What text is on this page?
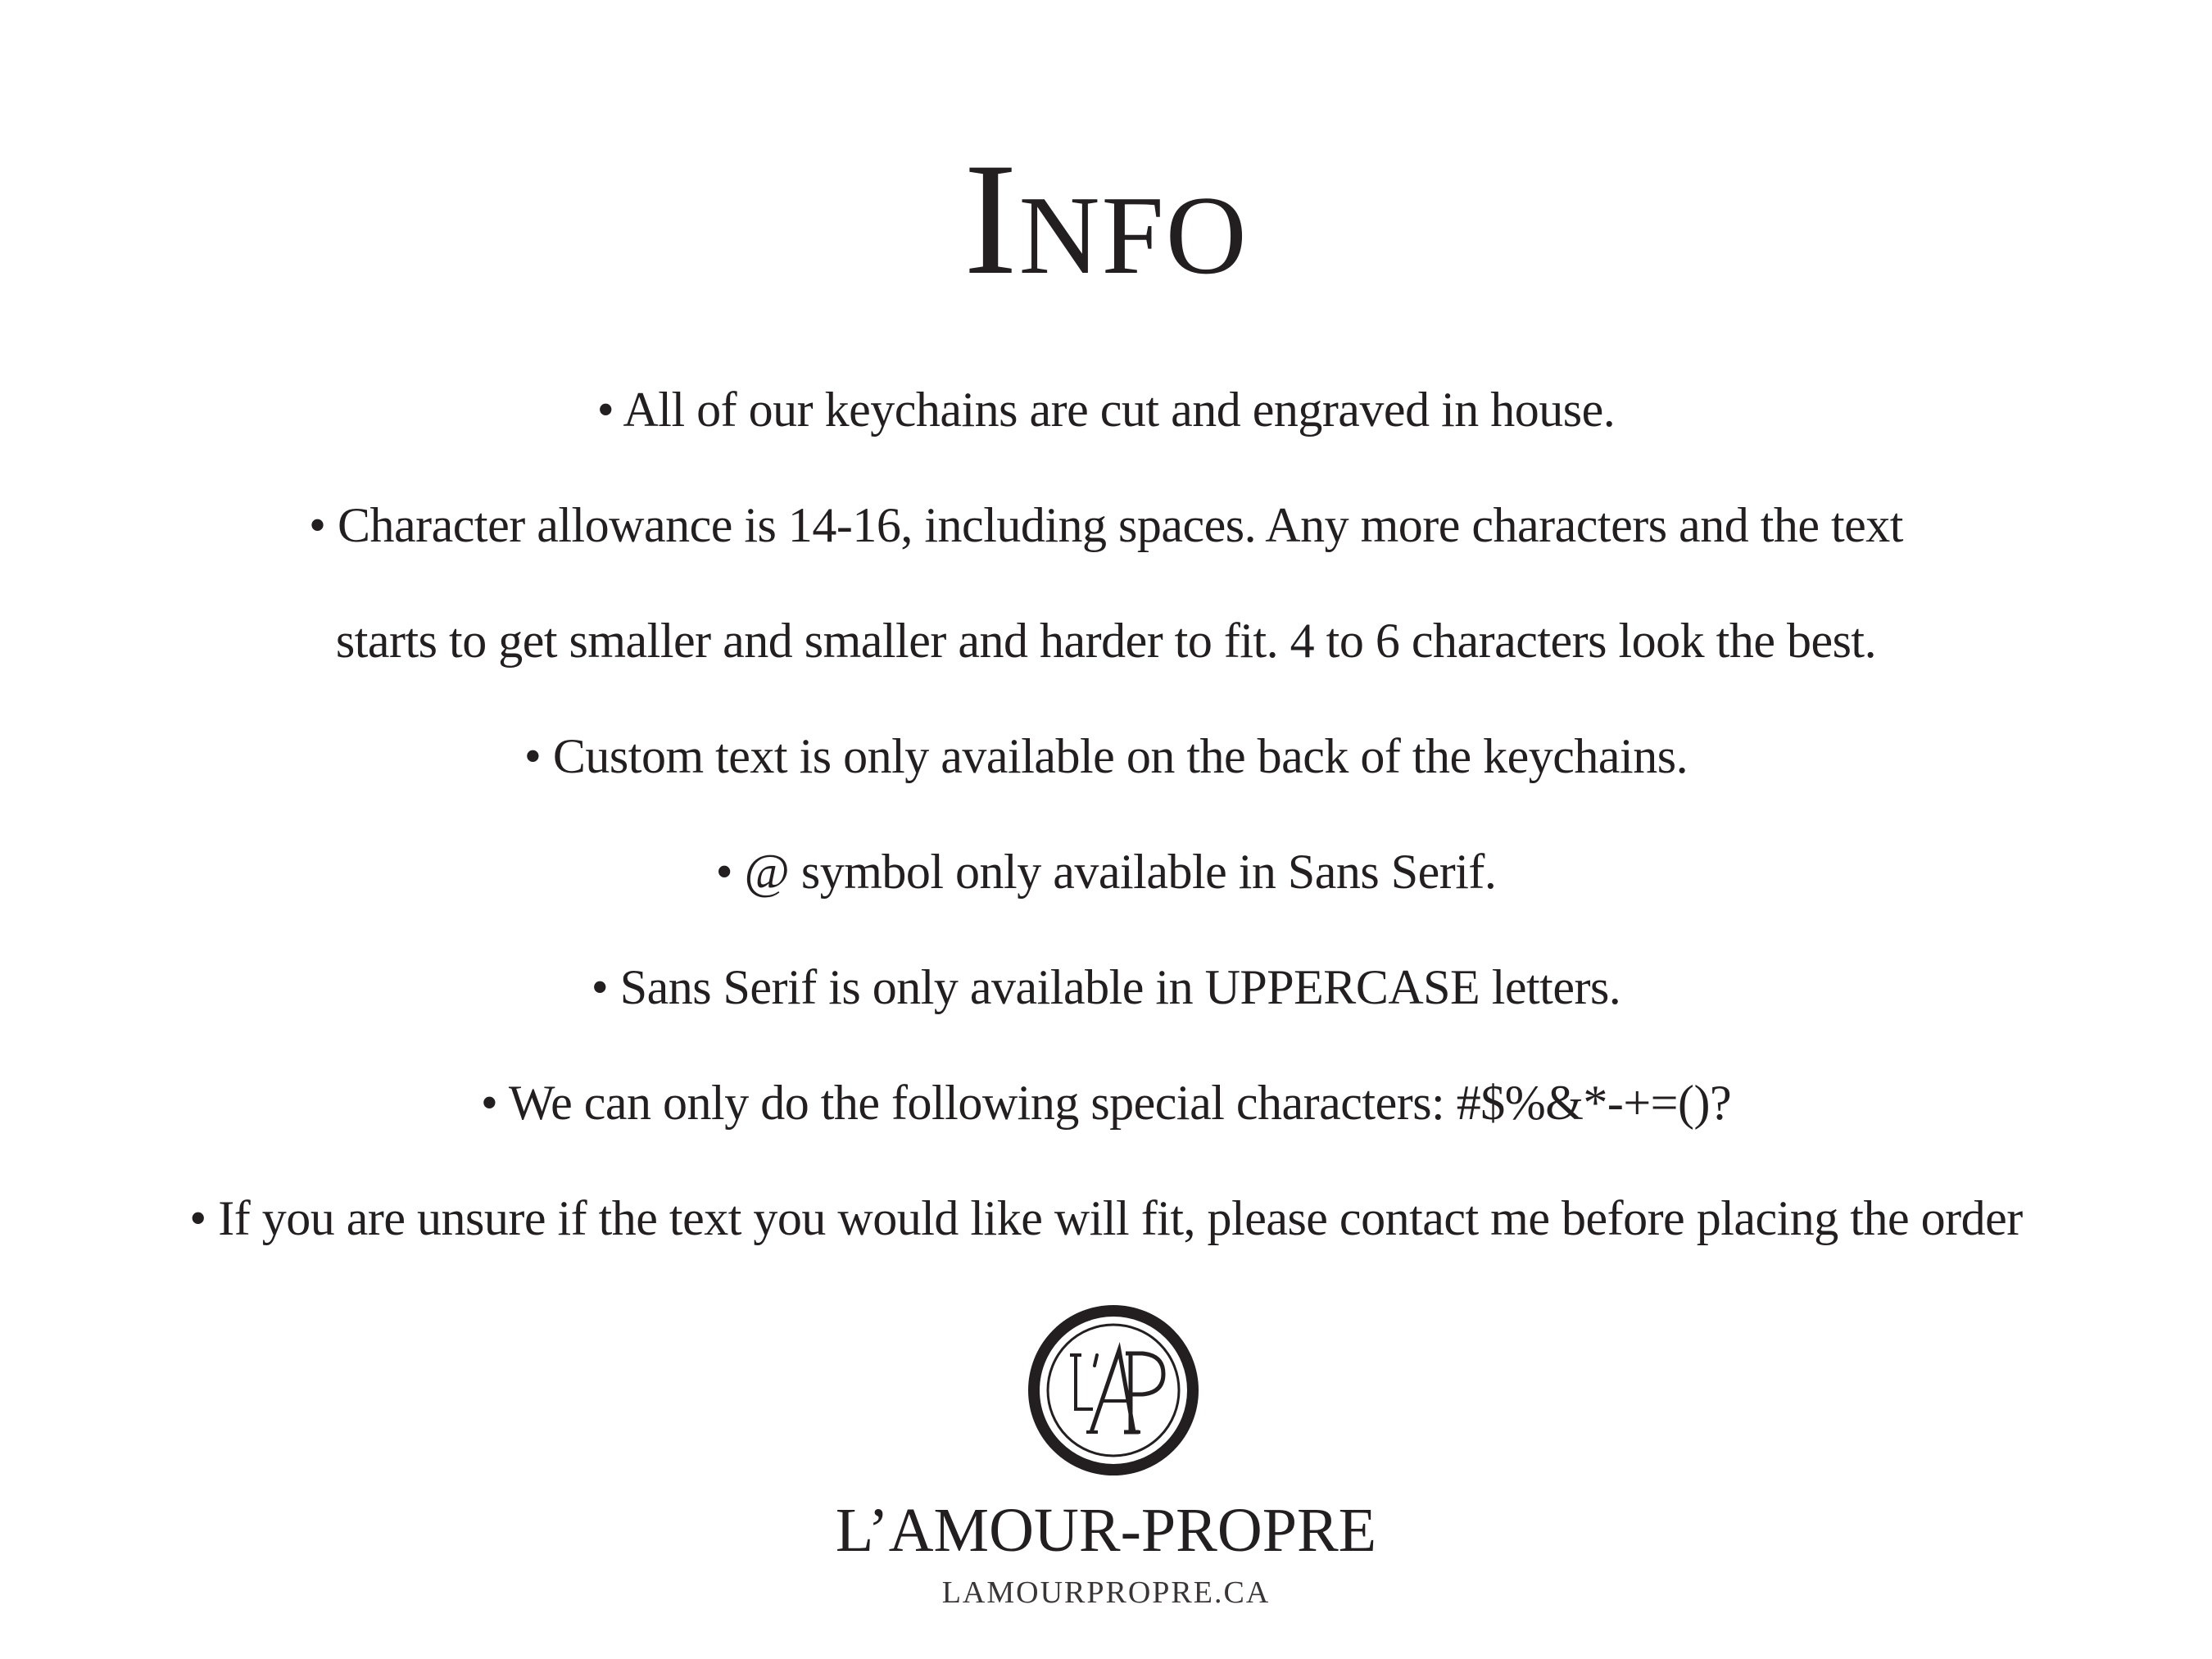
Info
• All of our keychains are cut and engraved in house.
• Character allowance is 14-16, including spaces. Any more characters and the text
starts to get smaller and smaller and harder to fit. 4 to 6 characters look the best.
• Custom text is only available on the back of the keychains.
• @ symbol only available in Sans Serif.
• Sans Serif is only available in UPPERCASE letters.
• We can only do the following special characters: #$%&*-+=()?
• If you are unsure if the text you would like will fit, please contact me before placing the order
L’AMOUR-PROPRE
LAMOURPROPRE.CA
